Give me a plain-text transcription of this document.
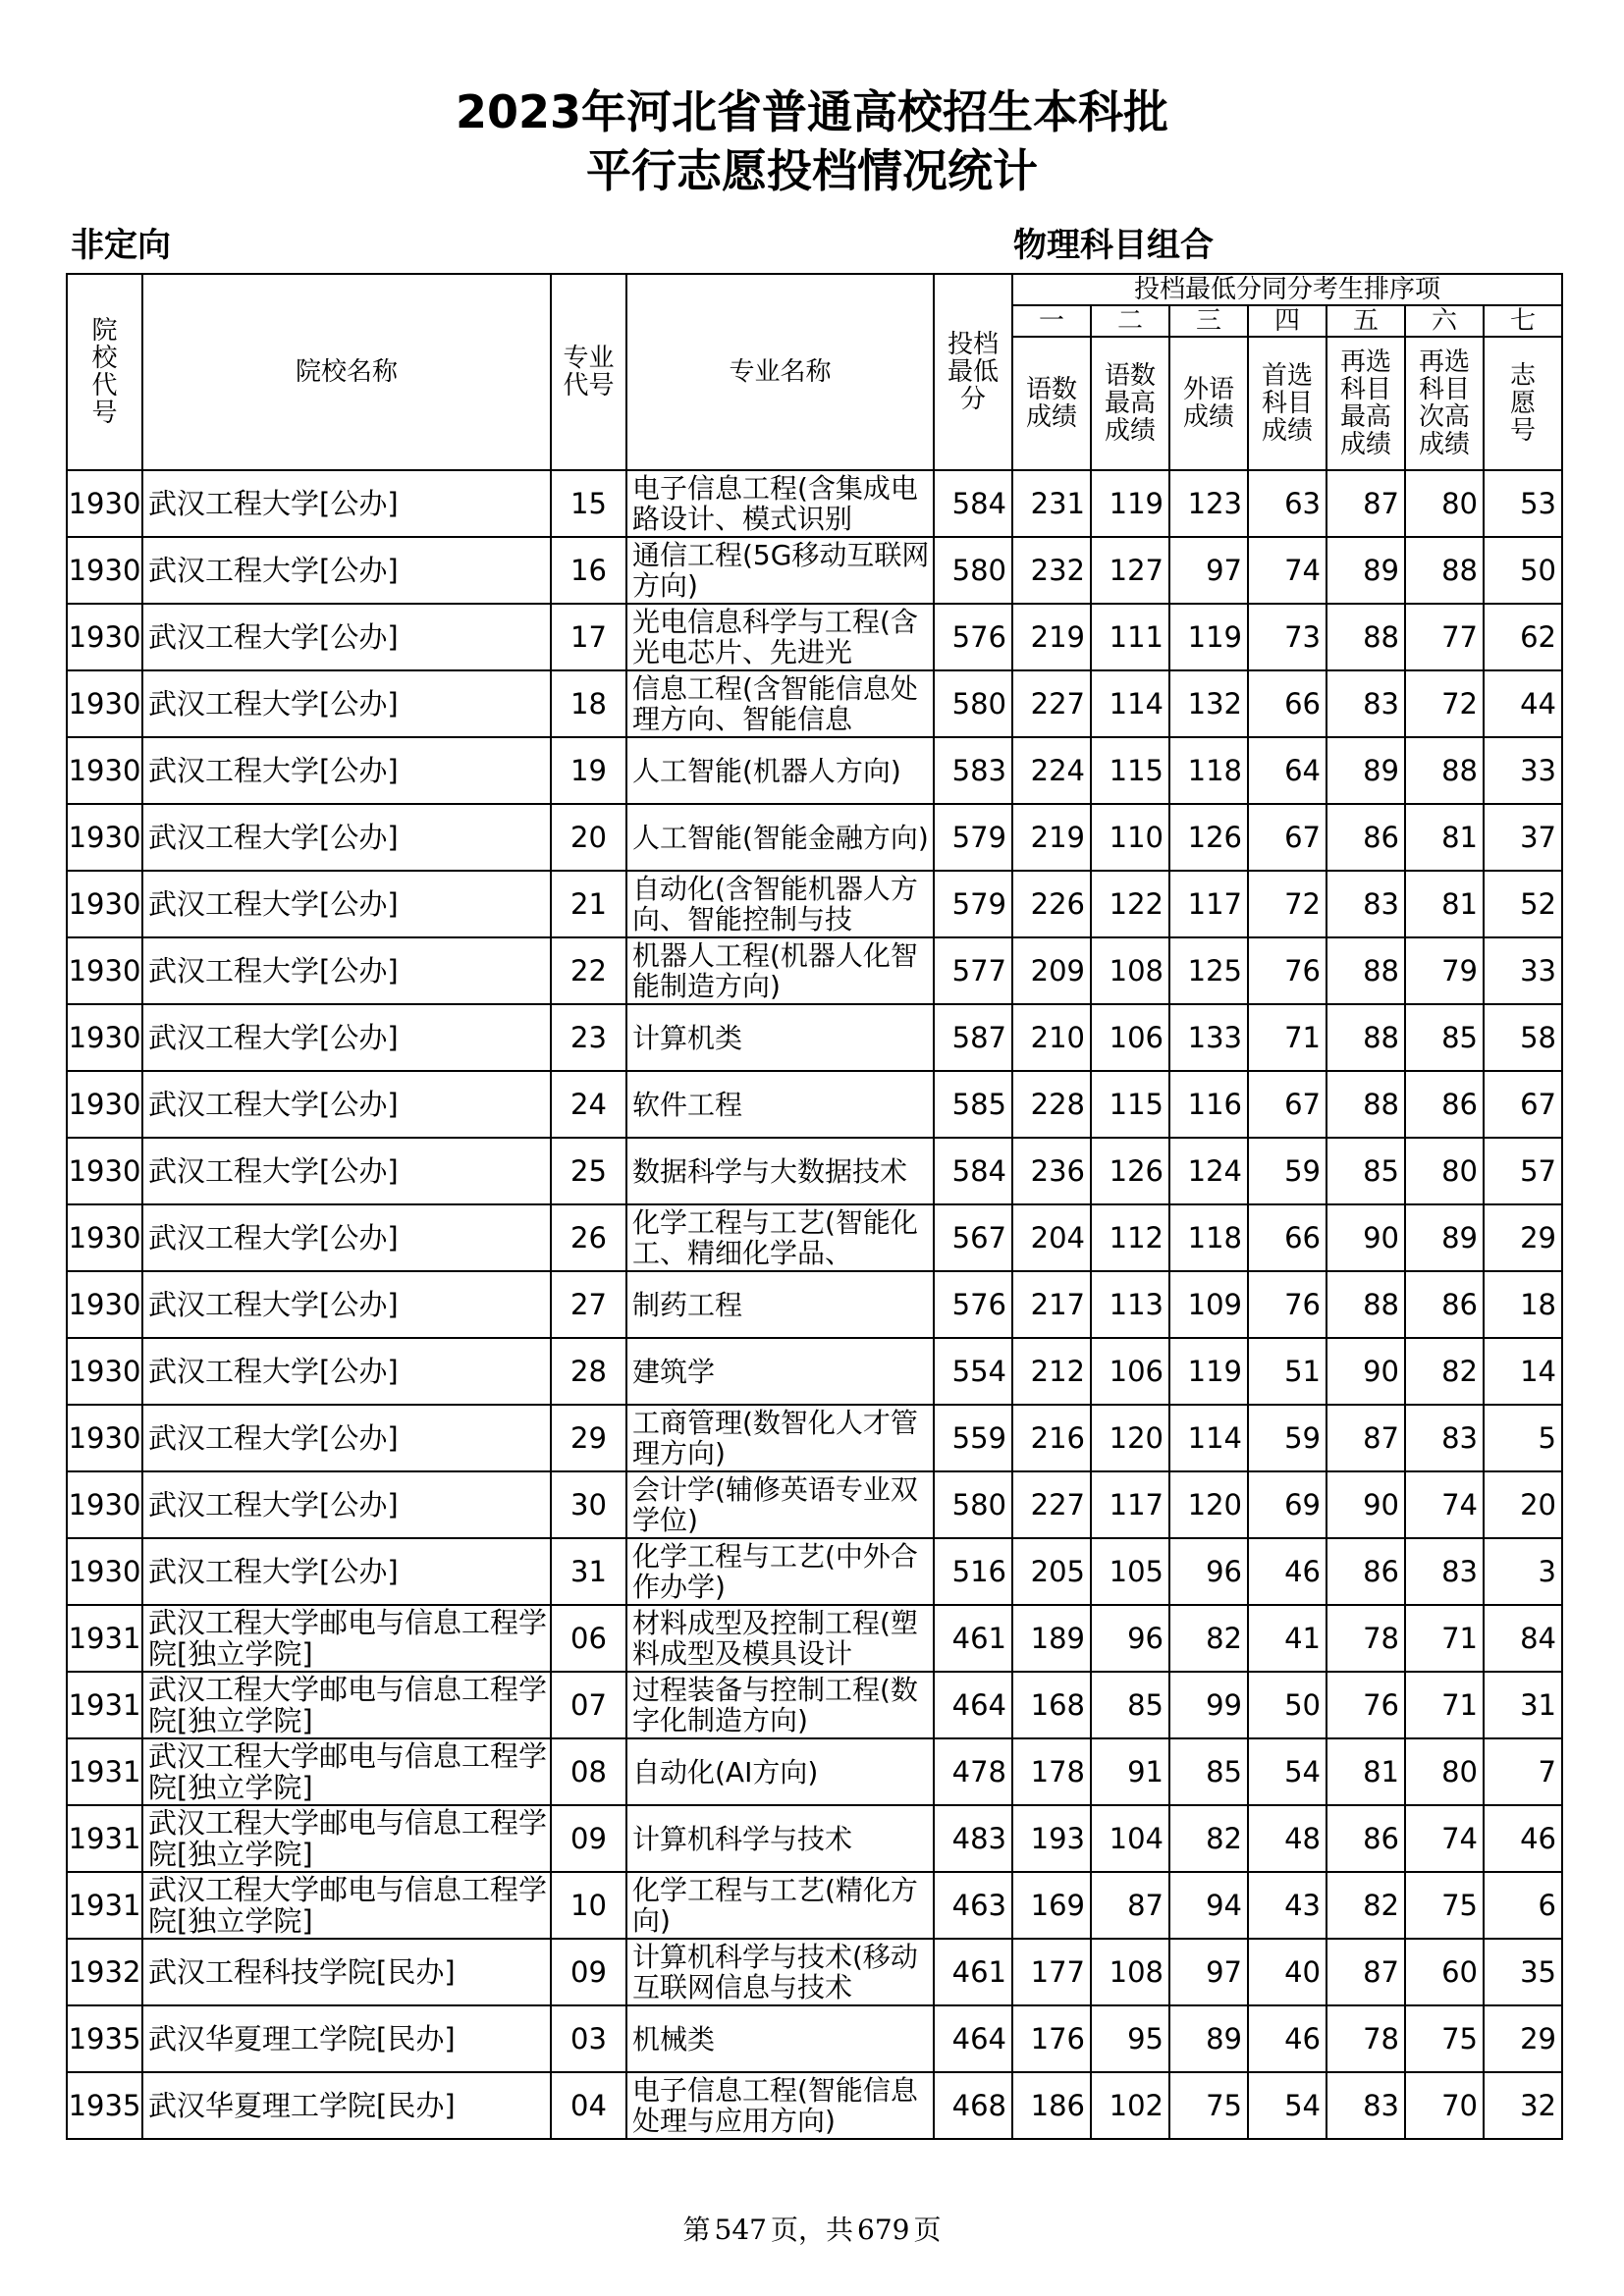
2023年河北省普通高校招生本科批
平行志愿投档情况统计
非定向	物理科目组合
院校代号	院校名称	专业代号	专业名称	投档最低分	投档最低分同分考生排序项						
					一	二	三	四	五	六	七

					语数成绩	语数最高成绩	外语成绩	首选科目成绩	再选科目最高成绩	再选科目次高成绩	志愿号

1930	武汉工程大学[公办]	15	电子信息工程(含集成电路设计、模式识别	584	231	119	123	63	87	80	53
1930	武汉工程大学[公办]	16	通信工程(5G移动互联网方向)	580	232	127	97	74	89	88	50
1930	武汉工程大学[公办]	17	光电信息科学与工程(含光电芯片、先进光	576	219	111	119	73	88	77	62
1930	武汉工程大学[公办]	18	信息工程(含智能信息处理方向、智能信息	580	227	114	132	66	83	72	44
1930	武汉工程大学[公办]	19	人工智能(机器人方向)	583	224	115	118	64	89	88	33
1930	武汉工程大学[公办]	20	人工智能(智能金融方向)	579	219	110	126	67	86	81	37
1930	武汉工程大学[公办]	21	自动化(含智能机器人方向、智能控制与技	579	226	122	117	72	83	81	52
1930	武汉工程大学[公办]	22	机器人工程(机器人化智能制造方向)	577	209	108	125	76	88	79	33
1930	武汉工程大学[公办]	23	计算机类	587	210	106	133	71	88	85	58
1930	武汉工程大学[公办]	24	软件工程	585	228	115	116	67	88	86	67
1930	武汉工程大学[公办]	25	数据科学与大数据技术	584	236	126	124	59	85	80	57
1930	武汉工程大学[公办]	26	化学工程与工艺(智能化工、精细化学品、	567	204	112	118	66	90	89	29
1930	武汉工程大学[公办]	27	制药工程	576	217	113	109	76	88	86	18
1930	武汉工程大学[公办]	28	建筑学	554	212	106	119	51	90	82	14
1930	武汉工程大学[公办]	29	工商管理(数智化人才管理方向)	559	216	120	114	59	87	83	5
1930	武汉工程大学[公办]	30	会计学(辅修英语专业双学位)	580	227	117	120	69	90	74	20
1930	武汉工程大学[公办]	31	化学工程与工艺(中外合作办学)	516	205	105	96	46	86	83	3
1931	武汉工程大学邮电与信息工程学院[独立学院]	06	材料成型及控制工程(塑料成型及模具设计	461	189	96	82	41	78	71	84
1931	武汉工程大学邮电与信息工程学院[独立学院]	07	过程装备与控制工程(数字化制造方向)	464	168	85	99	50	76	71	31
1931	武汉工程大学邮电与信息工程学院[独立学院]	08	自动化(AI方向)	478	178	91	85	54	81	80	7
1931	武汉工程大学邮电与信息工程学院[独立学院]	09	计算机科学与技术	483	193	104	82	48	86	74	46
1931	武汉工程大学邮电与信息工程学院[独立学院]	10	化学工程与工艺(精化方向)	463	169	87	94	43	82	75	6
1932	武汉工程科技学院[民办]	09	计算机科学与技术(移动互联网信息与技术	461	177	108	97	40	87	60	35
1935	武汉华夏理工学院[民办]	03	机械类	464	176	95	89	46	78	75	29
1935	武汉华夏理工学院[民办]	04	电子信息工程(智能信息处理与应用方向)	468	186	102	75	54	83	70	32
第 547 页，共 679 页
